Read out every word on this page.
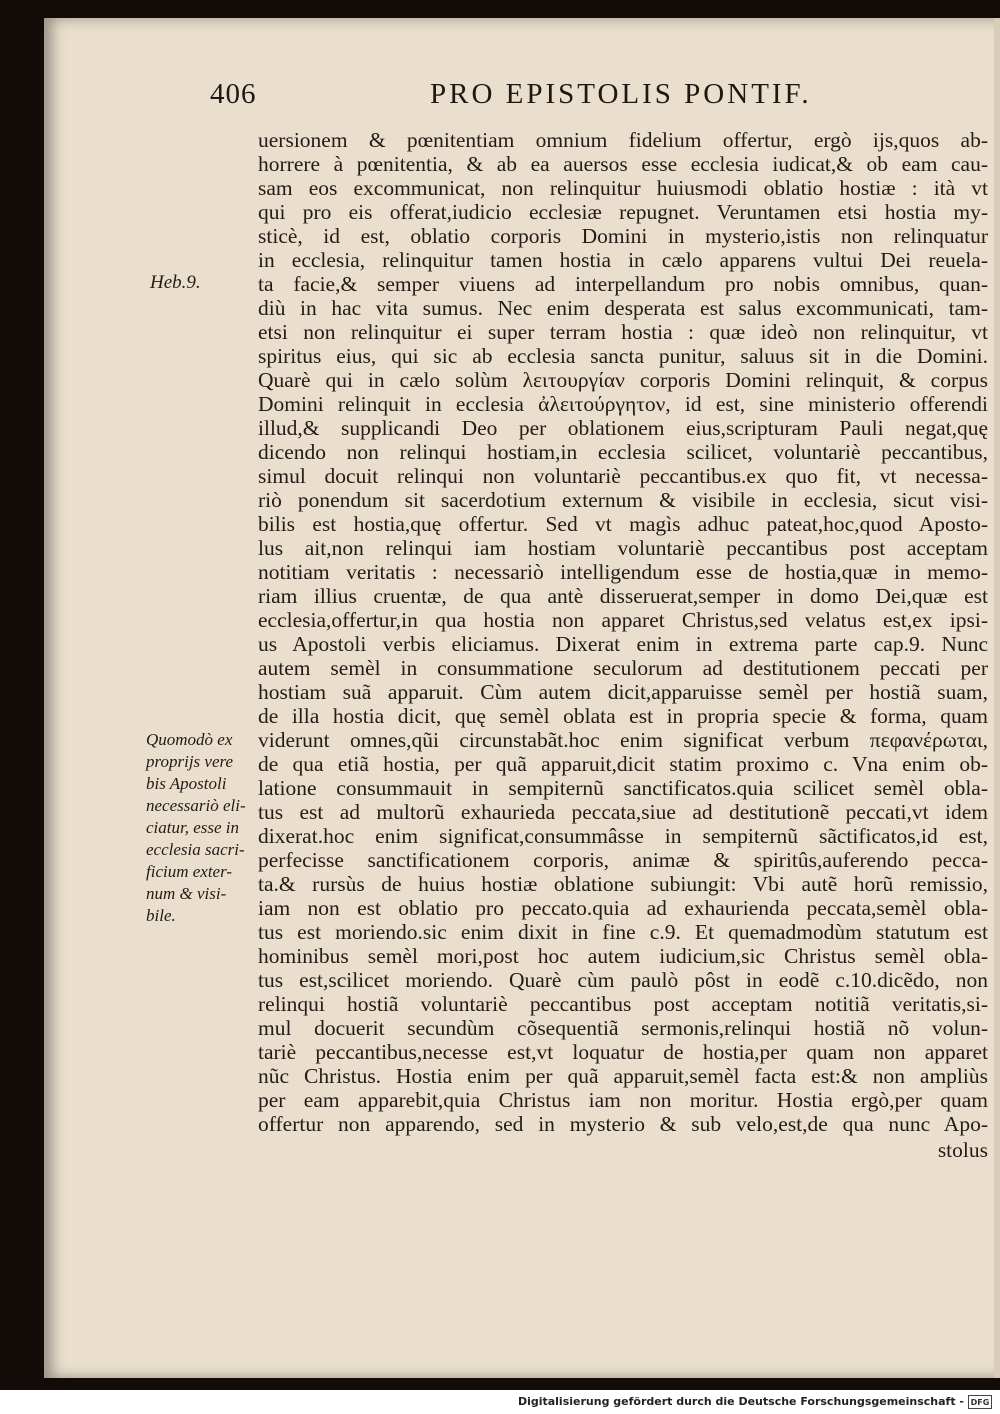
406	PRO EPISTOLIS PONTIF.
Heb.9.
uersionem & pœnitentiam omnium fidelium offertur, ergò ijs,quos ab-
horrere à pœnitentia, & ab ea auersos esse ecclesia iudicat,& ob eam cau-
sam eos excommunicat, non relinquitur huiusmodi oblatio hostiæ : ità vt
qui pro eis offerat,iudicio ecclesiæ repugnet. Veruntamen etsi hostia my-
sticè, id est, oblatio corporis Domini in mysterio,istis non relinquatur
in ecclesia, relinquitur tamen hostia in cælo apparens vultui Dei reuela-
ta facie,& semper viuens ad interpellandum pro nobis omnibus, quan-
diù in hac vita sumus. Nec enim desperata est salus excommunicati, tam-
etsi non relinquitur ei super terram hostia : quæ ideò non relinquitur, vt
spiritus eius, qui sic ab ecclesia sancta punitur, saluus sit in die Domini.
Quarè qui in cælo solùm λειτουργίαν corporis Domini relinquit, & corpus
Domini relinquit in ecclesia ἀλειτούργητον, id est, sine ministerio offerendi
illud,& supplicandi Deo per oblationem eius,scripturam Pauli negat,quę
dicendo non relinqui hostiam,in ecclesia scilicet, voluntariè peccantibus,
simul docuit relinqui non voluntariè peccantibus.ex quo fit, vt necessa-
riò ponendum sit sacerdotium externum & visibile in ecclesia, sicut visi-
bilis est hostia,quę offertur. Sed vt magìs adhuc pateat,hoc,quod Aposto-
lus ait,non relinqui iam hostiam voluntariè peccantibus post acceptam
notitiam veritatis : necessariò intelligendum esse de hostia,quæ in memo-
riam illius cruentæ, de qua antè disseruerat,semper in domo Dei,quæ est
ecclesia,offertur,in qua hostia non apparet Christus,sed velatus est,ex ipsi-
us Apostoli verbis eliciamus. Dixerat enim in extrema parte cap.9. Nunc
autem semèl in consummatione seculorum ad destitutionem peccati per
hostiam suã apparuit. Cùm autem dicit,apparuisse semèl per hostiã suam,
de illa hostia dicit, quę semèl oblata est in propria specie & forma, quam
viderunt omnes,qũi circunstabãt.hoc enim significat verbum πεφανέρωται,
de qua etiã hostia, per quã apparuit,dicit statim proximo c. Vna enim ob-
latione consummauit in sempiternũ sanctificatos.quia scilicet semèl obla-
tus est ad multorũ exhaurieda peccata,siue ad destitutionẽ peccati,vt idem
dixerat.hoc enim significat,consummâsse in sempiternũ sãctificatos,id est,
perfecisse sanctificationem corporis, animæ & spiritûs,auferendo pecca-
ta.& rursùs de huius hostiæ oblatione subiungit: Vbi autẽ horũ remissio,
iam non est oblatio pro peccato.quia ad exhaurienda peccata,semèl obla-
tus est moriendo.sic enim dixit in fine c.9. Et quemadmodùm statutum est
hominibus semèl mori,post hoc autem iudicium,sic Christus semèl obla-
tus est,scilicet moriendo. Quarè cùm paulò pôst in eodẽ c.10.dicẽdo, non
relinqui hostiã voluntariè peccantibus post acceptam notitiã veritatis,si-
mul docuerit secundùm cõsequentiã sermonis,relinqui hostiã nõ volun-
tariè peccantibus,necesse est,vt loquatur de hostia,per quam non apparet
nũc Christus. Hostia enim per quã apparuit,semèl facta est:& non ampliùs
per eam apparebit,quia Christus iam non moritur. Hostia ergò,per quam
offertur non apparendo, sed in mysterio & sub velo,est,de qua nunc Apo-
stolus
Quomodò ex
proprijs vere
bis Apostoli
necessariò eli-
ciatur, esse in
ecclesia sacri-
ficium exter-
num & visi-
bile.
Digitalisierung gefördert durch die Deutsche Forschungsgemeinschaft - DFG
